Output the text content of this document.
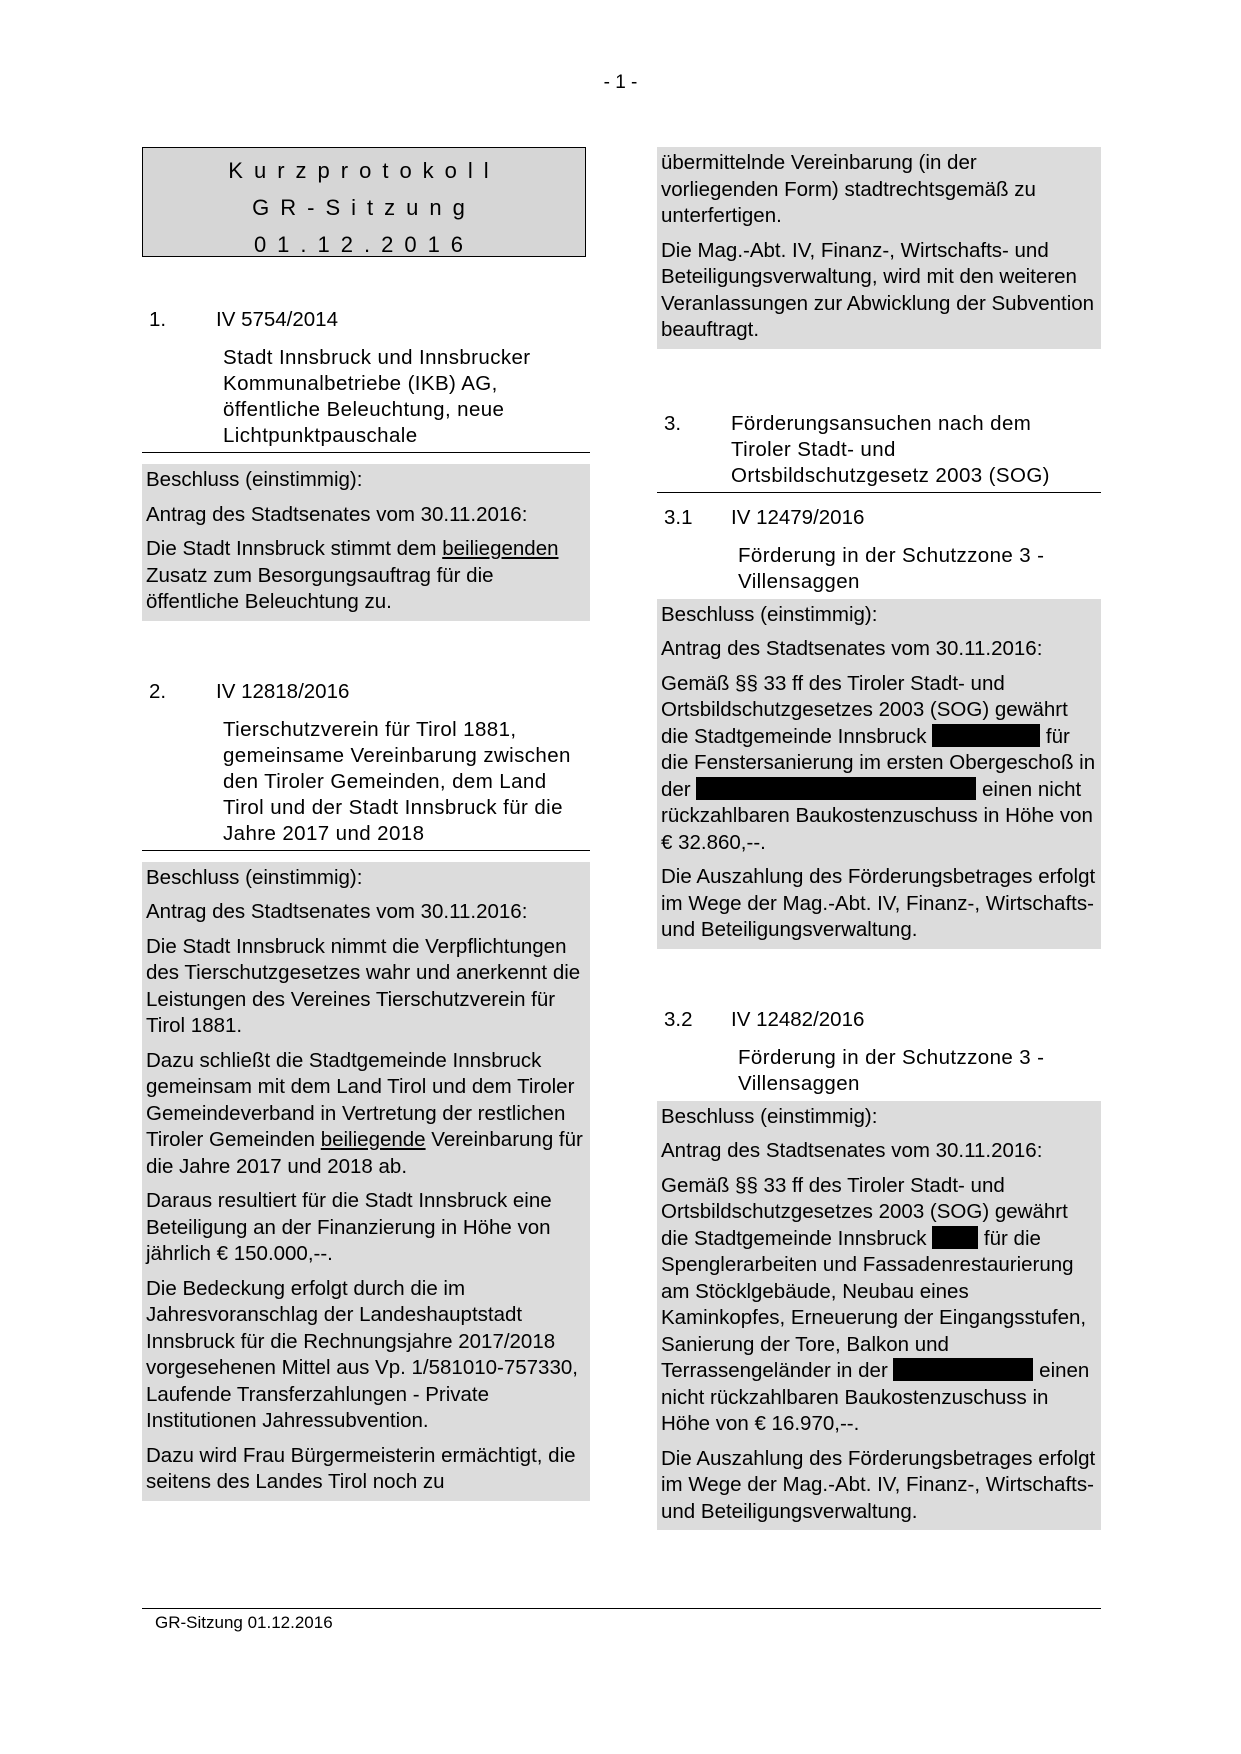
- 1 -
Kurzprotokoll
GR-Sitzung
01.12.2016
1.	IV 5754/2014
Stadt Innsbruck und Innsbrucker Kommunalbetriebe (IKB) AG, öffentliche Beleuchtung, neue Lichtpunktpauschale
Beschluss (einstimmig):
Antrag des Stadtsenates vom 30.11.2016:
Die Stadt Innsbruck stimmt dem beiliegenden Zusatz zum Besorgungsauftrag für die öffentliche Beleuchtung zu.
2.	IV 12818/2016
Tierschutzverein für Tirol 1881, gemeinsame Vereinbarung zwischen den Tiroler Gemeinden, dem Land Tirol und der Stadt Innsbruck für die Jahre 2017 und 2018
Beschluss (einstimmig):
Antrag des Stadtsenates vom 30.11.2016:
Die Stadt Innsbruck nimmt die Verpflichtungen des Tierschutzgesetzes wahr und anerkennt die Leistungen des Vereines Tierschutzverein für Tirol 1881.
Dazu schließt die Stadtgemeinde Innsbruck gemeinsam mit dem Land Tirol und dem Tiroler Gemeindeverband in Vertretung der restlichen Tiroler Gemeinden beiliegende Vereinbarung für die Jahre 2017 und 2018 ab.
Daraus resultiert für die Stadt Innsbruck eine Beteiligung an der Finanzierung in Höhe von jährlich € 150.000,--.
Die Bedeckung erfolgt durch die im Jahresvoranschlag der Landeshauptstadt Innsbruck für die Rechnungsjahre 2017/2018 vorgesehenen Mittel aus Vp. 1/581010-757330, Laufende Transferzahlungen - Private Institutionen Jahressubvention.
Dazu wird Frau Bürgermeisterin ermächtigt, die seitens des Landes Tirol noch zu
übermittelnde Vereinbarung (in der vorliegenden Form) stadtrechtsgemäß zu unterfertigen.
Die Mag.-Abt. IV, Finanz-, Wirtschafts- und Beteiligungsverwaltung, wird mit den weiteren Veranlassungen zur Abwicklung der Subvention beauftragt.
3.	Förderungsansuchen nach dem Tiroler Stadt- und Ortsbildschutzgesetz 2003 (SOG)
3.1	IV 12479/2016
Förderung in der Schutzzone 3 - Villensaggen
Beschluss (einstimmig):
Antrag des Stadtsenates vom 30.11.2016:
Gemäß §§ 33 ff des Tiroler Stadt- und Ortsbildschutzgesetzes 2003 (SOG) gewährt die Stadtgemeinde Innsbruck	für die Fenstersanierung im ersten Obergeschoß in der	einen nicht rückzahlbaren Baukostenzuschuss in Höhe von € 32.860,--.
Die Auszahlung des Förderungsbetrages erfolgt im Wege der Mag.-Abt. IV, Finanz-, Wirtschafts- und Beteiligungsverwaltung.
3.2	IV 12482/2016
Förderung in der Schutzzone 3 - Villensaggen
Beschluss (einstimmig):
Antrag des Stadtsenates vom 30.11.2016:
Gemäß §§ 33 ff des Tiroler Stadt- und Ortsbildschutzgesetzes 2003 (SOG) gewährt die Stadtgemeinde Innsbruck  für die Spenglerarbeiten und Fassadenrestaurierung am Stöcklgebäude, Neubau eines Kaminkopfes, Erneuerung der Eingangsstufen, Sanierung der Tore, Balkon und Terrassengeländer in der	einen nicht rückzahlbaren Baukostenzuschuss in Höhe von € 16.970,--.
Die Auszahlung des Förderungsbetrages erfolgt im Wege der Mag.-Abt. IV, Finanz-, Wirtschafts- und Beteiligungsverwaltung.
GR-Sitzung 01.12.2016
